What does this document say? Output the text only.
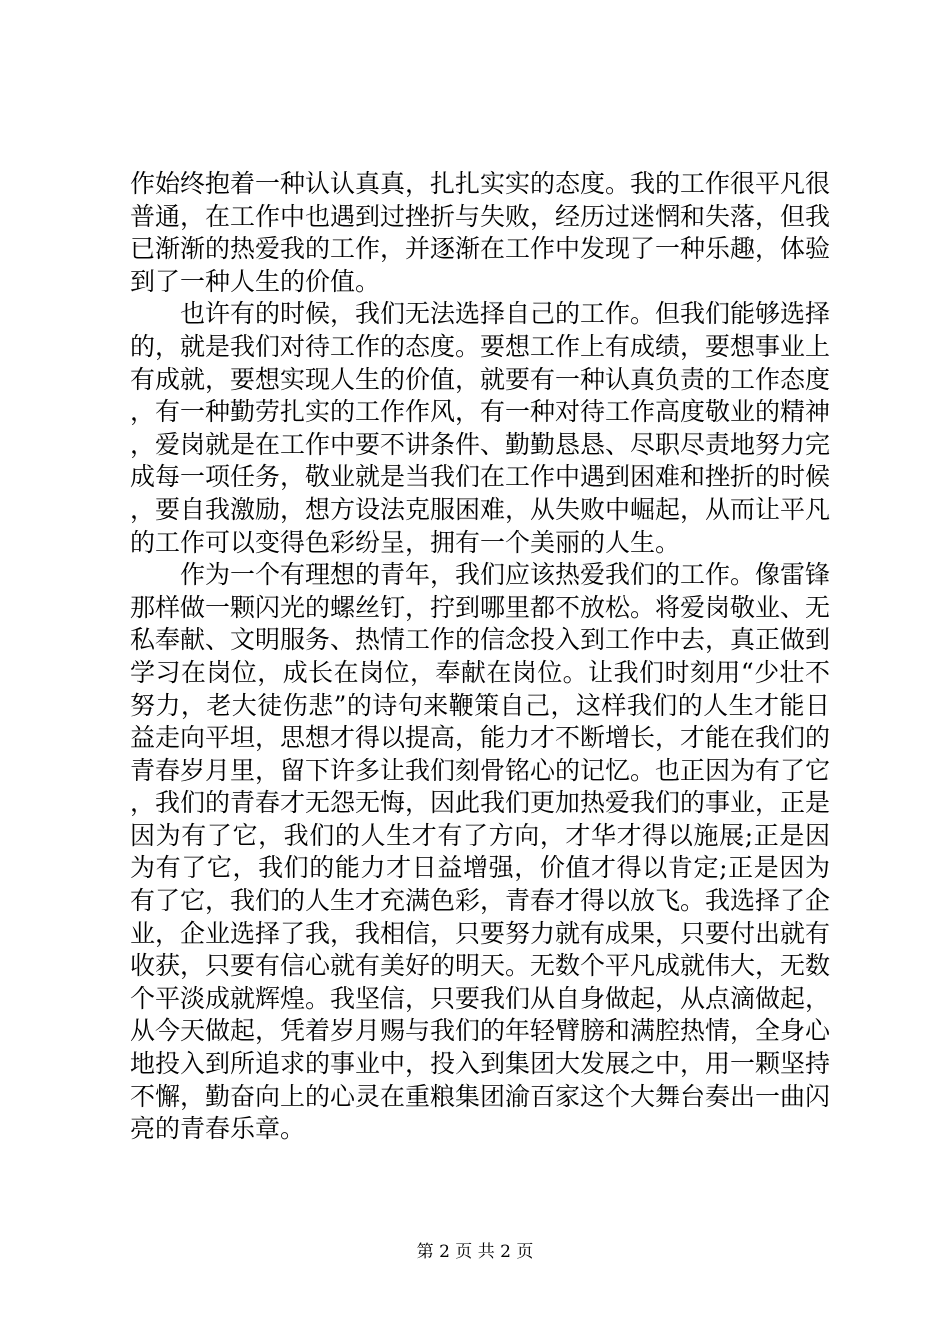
作始终抱着一种认认真真，扎扎实实的态度。我的工作很平凡很普通，在工作中也遇到过挫折与失败，经历过迷惘和失落，但我已渐渐的热爱我的工作，并逐渐在工作中发现了一种乐趣，体验到了一种人生的价值。

也许有的时候，我们无法选择自己的工作。但我们能够选择的，就是我们对待工作的态度。要想工作上有成绩，要想事业上有成就，要想实现人生的价值，就要有一种认真负责的工作态度，有一种勤劳扎实的工作作风，有一种对待工作高度敬业的精神，爱岗就是在工作中要不讲条件、勤勤恳恳、尽职尽责地努力完成每一项任务，敬业就是当我们在工作中遇到困难和挫折的时候，要自我激励，想方设法克服困难，从失败中崛起，从而让平凡的工作可以变得色彩纷呈，拥有一个美丽的人生。

作为一个有理想的青年，我们应该热爱我们的工作。像雷锋那样做一颗闪光的螺丝钉，拧到哪里都不放松。将爱岗敬业、无私奉献、文明服务、热情工作的信念投入到工作中去，真正做到学习在岗位，成长在岗位，奉献在岗位。让我们时刻用“少壮不努力，老大徒伤悲”的诗句来鞭策自己，这样我们的人生才能日益走向平坦，思想才得以提高，能力才不断增长，才能在我们的青春岁月里，留下许多让我们刻骨铭心的记忆。也正因为有了它，我们的青春才无怨无悔，因此我们更加热爱我们的事业，正是因为有了它，我们的人生才有了方向，才华才得以施展;正是因为有了它，我们的能力才日益增强，价值才得以肯定;正是因为有了它，我们的人生才充满色彩，青春才得以放飞。我选择了企业，企业选择了我，我相信，只要努力就有成果，只要付出就有收获，只要有信心就有美好的明天。无数个平凡成就伟大，无数个平淡成就辉煌。我坚信，只要我们从自身做起，从点滴做起，从今天做起，凭着岁月赐与我们的年轻臂膀和满腔热情，全身心地投入到所追求的事业中，投入到集团大发展之中，用一颗坚持不懈，勤奋向上的心灵在重粮集团渝百家这个大舞台奏出一曲闪亮的青春乐章。

第 2 页 共 2 页
